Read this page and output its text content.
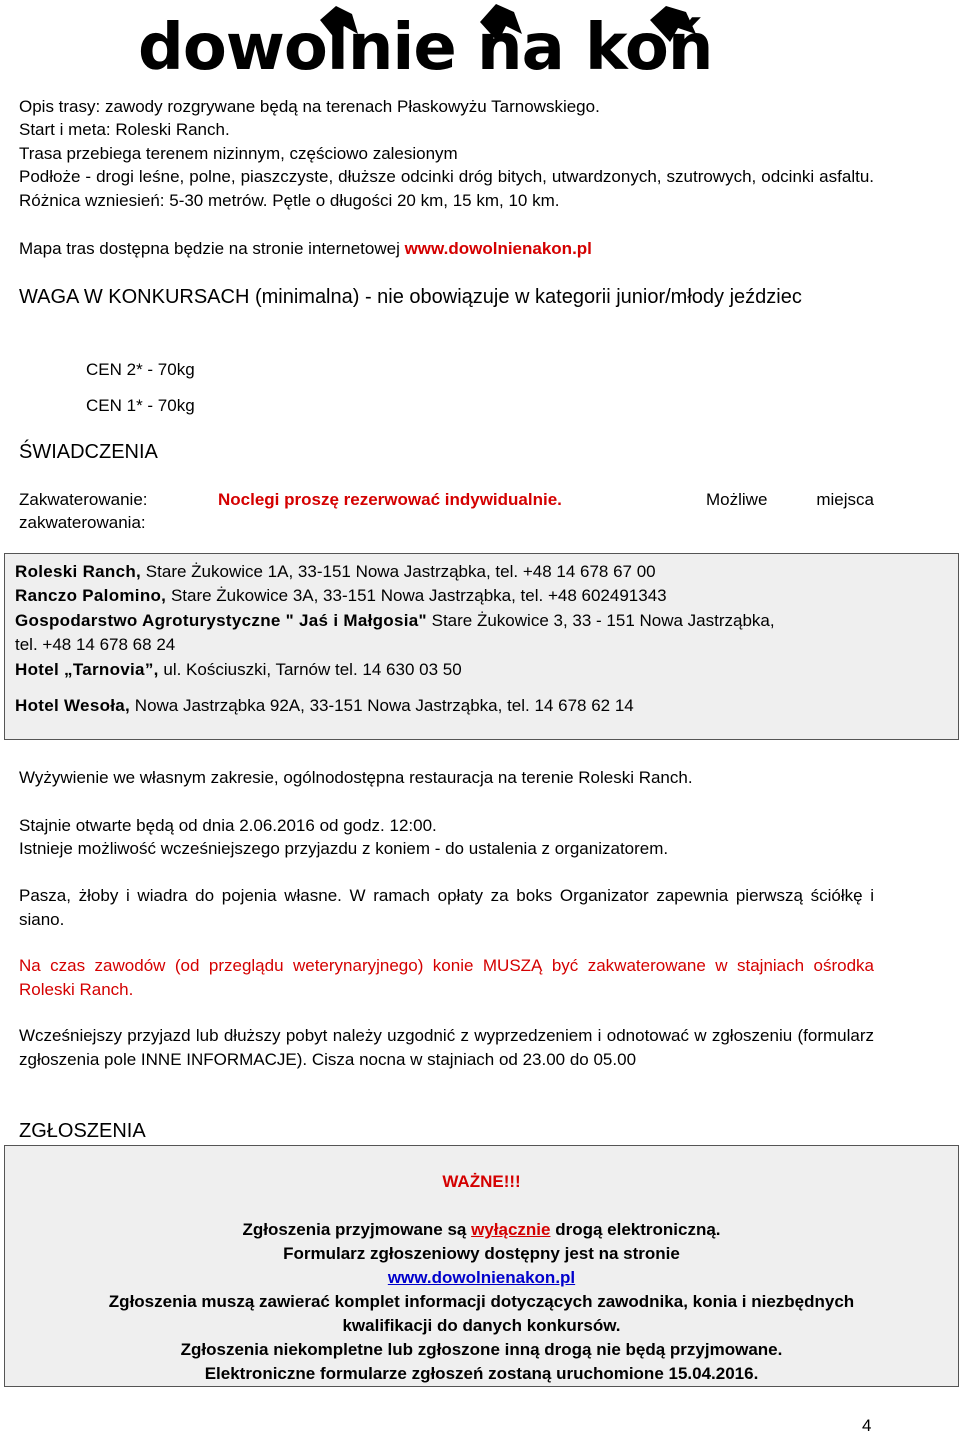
dowolnie na koń
Opis trasy: zawody rozgrywane będą na terenach Płaskowyżu Tarnowskiego.
Start i meta: Roleski Ranch.
Trasa przebiega terenem nizinnym, częściowo zalesionym
Podłoże - drogi leśne, polne, piaszczyste, dłuższe odcinki dróg bitych, utwardzonych, szutrowych, odcinki asfaltu. Różnica wzniesień: 5-30 metrów. Pętle o długości 20 km, 15 km, 10 km.
Mapa tras dostępna będzie na stronie internetowej www.dowolnienakon.pl
WAGA W KONKURSACH (minimalna) - nie obowiązuje w kategorii junior/młody jeździec
CEN 2* - 70kg
CEN 1* - 70kg
ŚWIADCZENIA
Zakwaterowanie:	Noclegi proszę rezerwować indywidualnie.	Możliwe miejsca
zakwaterowania:
Roleski Ranch, Stare Żukowice 1A, 33-151 Nowa Jastrząbka, tel. +48 14 678 67 00
Ranczo Palomino, Stare Żukowice 3A, 33-151 Nowa Jastrząbka, tel. +48 602491343
Gospodarstwo Agroturystyczne " Jaś i Małgosia" Stare Żukowice 3, 33 - 151 Nowa Jastrząbka,
tel. +48 14 678 68 24
Hotel „Tarnovia”, ul. Kościuszki, Tarnów tel. 14 630 03 50
Hotel Wesoła, Nowa Jastrząbka 92A, 33-151 Nowa Jastrząbka, tel. 14 678 62 14
Wyżywienie we własnym zakresie, ogólnodostępna restauracja na terenie Roleski Ranch.
Stajnie otwarte będą od dnia 2.06.2016 od godz. 12:00.
Istnieje możliwość wcześniejszego przyjazdu z koniem - do ustalenia z organizatorem.
Pasza, żłoby i wiadra do pojenia własne. W ramach opłaty za boks Organizator zapewnia pierwszą ściółkę i siano.
Na czas zawodów (od przeglądu weterynaryjnego) konie MUSZĄ być zakwaterowane w stajniach ośrodka Roleski Ranch.
Wcześniejszy przyjazd lub dłuższy pobyt należy uzgodnić z wyprzedzeniem i odnotować w zgłoszeniu (formularz zgłoszenia pole INNE INFORMACJE). Cisza nocna w stajniach od 23.00 do 05.00
ZGŁOSZENIA
WAŻNE!!!
Zgłoszenia przyjmowane są wyłącznie drogą elektroniczną.
Formularz zgłoszeniowy dostępny jest na stronie
www.dowolnienakon.pl
Zgłoszenia muszą zawierać komplet informacji dotyczących zawodnika, konia i niezbędnych
kwalifikacji do danych konkursów.
Zgłoszenia niekompletne lub zgłoszone inną drogą nie będą przyjmowane.
Elektroniczne formularze zgłoszeń zostaną uruchomione 15.04.2016.
4
